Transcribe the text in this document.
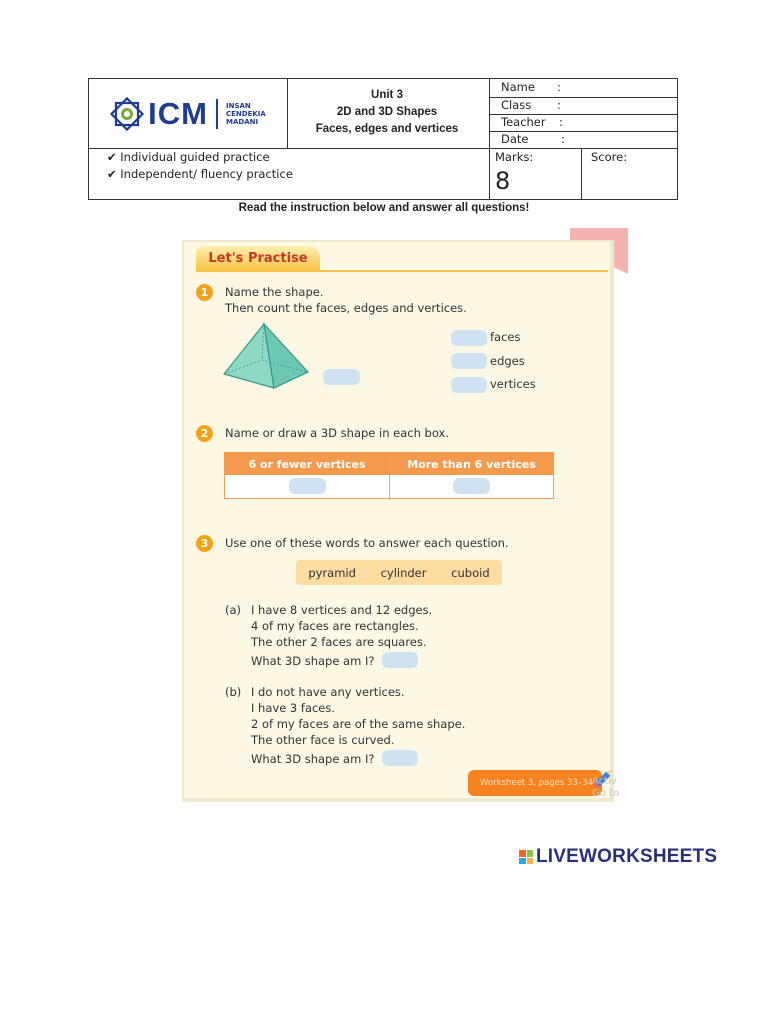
ICM	INSAN
CENDEKIA
MADANI
Unit 3
2D and 3D Shapes
Faces, edges and vertices
Name :
Class :
Teacher :
Date	:
✔ Individual guided practice
✔ Independent/ fluency practice
Marks:
8
Score:
Read the instruction below and answer all questions!
Let's Practise
1	Name the shape.
Then count the faces, edges and vertices.
faces
edges
vertices
2	Name or draw a 3D shape in each box.
6 or fewer vertices	More than 6 vertices
3	Use one of these words to answer each question.
pyramid cylinder cuboid
(a) I have 8 vertices and 12 edges.
4 of my faces are rectangles.
The other 2 faces are squares.
What 3D shape am I?
(b) I do not have any vertices.
I have 3 faces.
2 of my faces are of the same shape.
The other face is curved.
What 3D shape am I?
Worksheet 3, pages 33–34 Activ
Go to
LIVEWORKSHEETS
